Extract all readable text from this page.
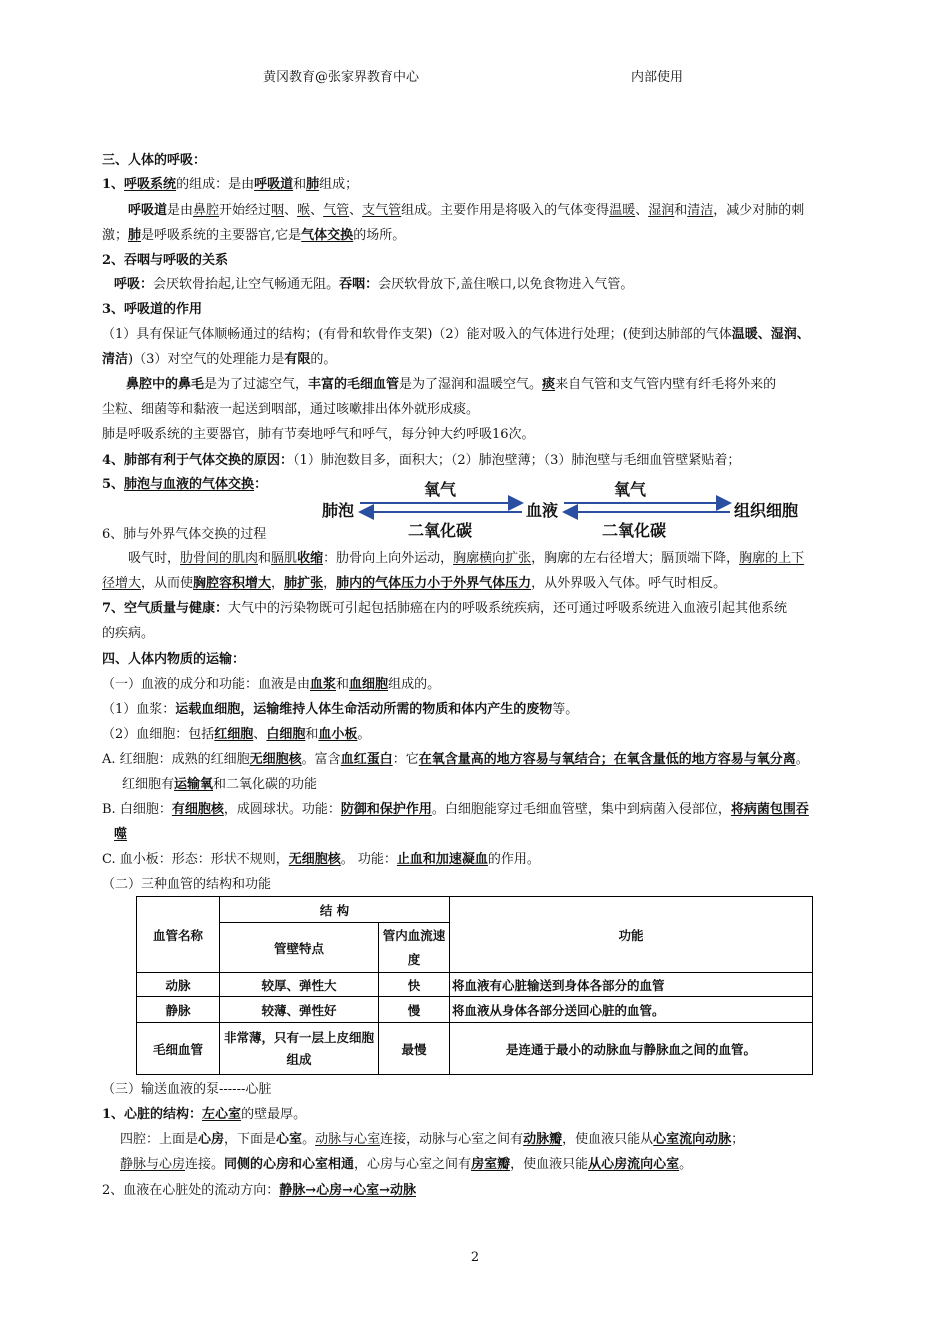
黄冈教育@张家界教育中心	内部使用
三、人体的呼吸：
1、呼吸系统的组成：是由呼吸道和肺组成；
呼吸道是由鼻腔开始经过咽、喉、气管、支气管组成。主要作用是将吸入的气体变得温暖、湿润和清洁，减少对肺的刺
激；肺是呼吸系统的主要器官,它是气体交换的场所。
2、吞咽与呼吸的关系
呼吸：会厌软骨抬起,让空气畅通无阻。吞咽：会厌软骨放下,盖住喉口,以免食物进入气管。
3、呼吸道的作用
（1）具有保证气体顺畅通过的结构；(有骨和软骨作支架)（2）能对吸入的气体进行处理；(使到达肺部的气体温暖、湿润、
清洁)（3）对空气的处理能力是有限的。
鼻腔中的鼻毛是为了过滤空气，丰富的毛细血管是为了湿润和温暖空气。痰来自气管和支气管内壁有纤毛将外来的
尘粒、细菌等和黏液一起送到咽部，通过咳嗽排出体外就形成痰。
肺是呼吸系统的主要器官，肺有节奏地呼气和呼气，每分钟大约呼吸16次。
4、肺部有利于气体交换的原因：（1）肺泡数目多，面积大；（2）肺泡壁薄；（3）肺泡壁与毛细血管壁紧贴着；
5、肺泡与血液的气体交换：
6、肺与外界气体交换的过程
吸气时，肋骨间的肌肉和膈肌收缩：肋骨向上向外运动，胸廓横向扩张，胸廓的左右径增大；膈顶端下降，胸廓的上下
径增大，从而使胸腔容积增大，肺扩张，肺内的气体压力小于外界气体压力，从外界吸入气体。呼气时相反。
7、空气质量与健康：大气中的污染物既可引起包括肺癌在内的呼吸系统疾病，还可通过呼吸系统进入血液引起其他系统
的疾病。
四、人体内物质的运输：
（一）血液的成分和功能：血液是由血浆和血细胞组成的。
（1）血浆：运载血细胞，运输维持人体生命活动所需的物质和体内产生的废物等。
（2）血细胞：包括红细胞、白细胞和血小板。
A. 红细胞：成熟的红细胞无细胞核。富含血红蛋白：它在氧含量高的地方容易与氧结合；在氧含量低的地方容易与氧分离。
红细胞有运输氧和二氧化碳的功能
B. 白细胞：有细胞核，成圆球状。功能：防御和保护作用。白细胞能穿过毛细血管壁，集中到病菌入侵部位，将病菌包围吞
噬
C. 血小板：形态：形状不规则，无细胞核。 功能：止血和加速凝血的作用。
（二）三种血管的结构和功能
（三）输送血液的泵------心脏
1、心脏的结构：左心室的壁最厚。
四腔：上面是心房，下面是心室。动脉与心室连接，动脉与心室之间有动脉瓣，使血液只能从心室流向动脉；
静脉与心房连接。同侧的心房和心室相通，心房与心室之间有房室瓣，使血液只能从心房流向心室。
2、血液在心脏处的流动方向：静脉→心房→心室→动脉
肺泡	血液	组织细胞
氧气	氧气
二氧化碳	二氧化碳
血管名称	结 构		功能
	管壁特点	管内血流速度	
动脉	较厚、弹性大	快	将血液有心脏输送到身体各部分的血管
静脉	较薄、弹性好	慢	将血液从身体各部分送回心脏的血管。
毛细血管	非常薄，只有一层上皮细胞组成	最慢	是连通于最小的动脉血与静脉血之间的血管。
2
